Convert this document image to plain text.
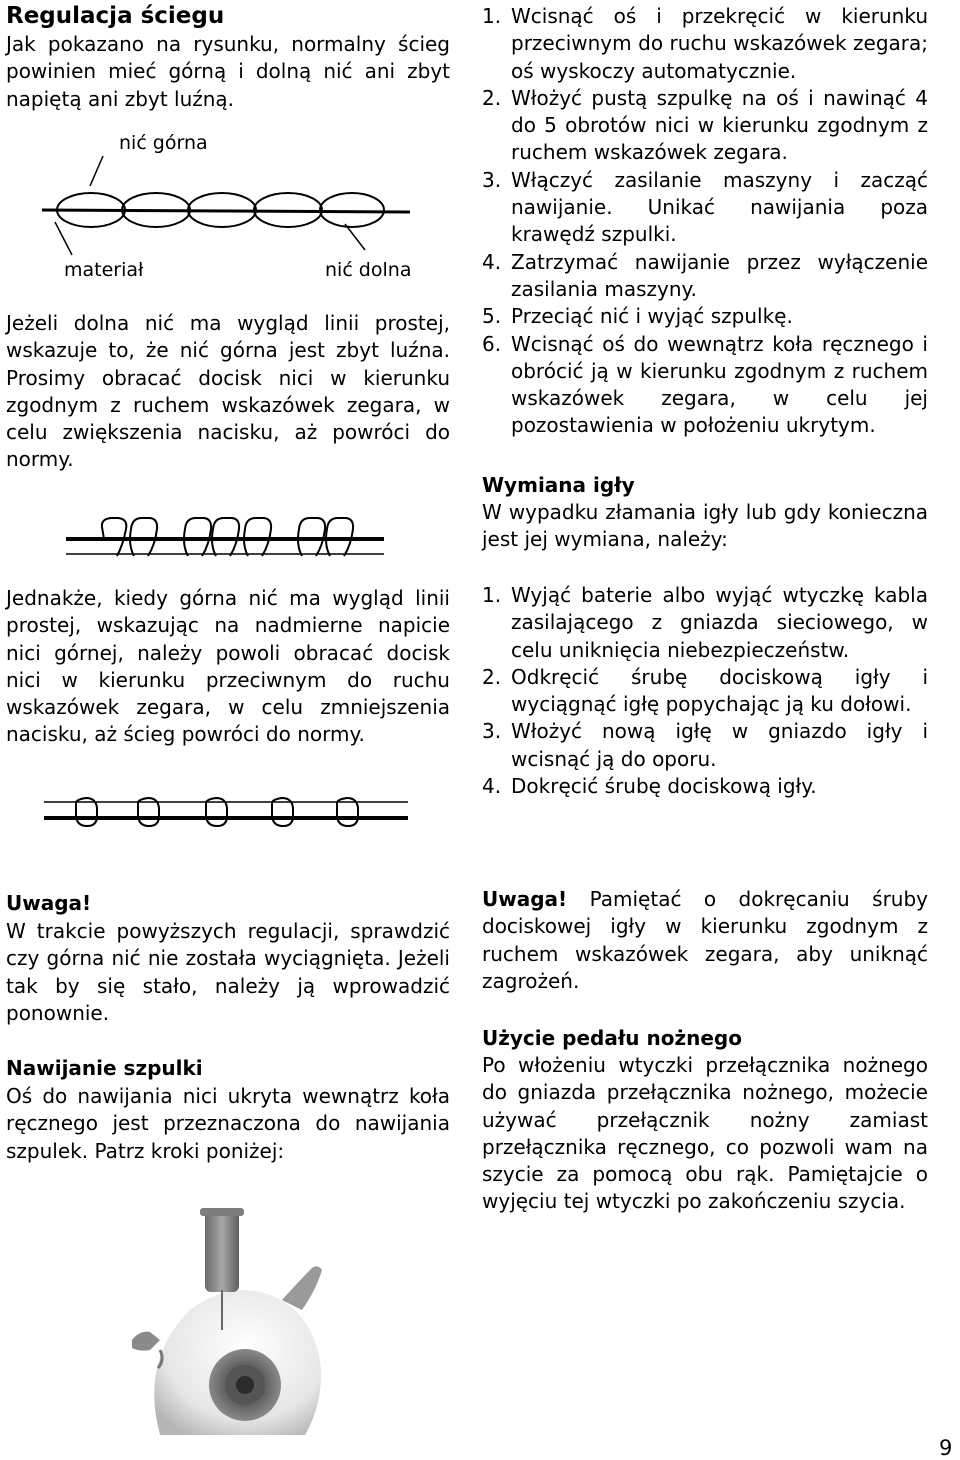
Regulacja ściegu

Jak pokazano na rysunku, normalny ścieg powinien mieć górną i dolną nić ani zbyt napiętą ani zbyt luźną.

nić górna
materiał	nić dolna

Jeżeli dolna nić ma wygląd linii prostej, wskazuje to, że nić górna jest zbyt luźna. Prosimy obracać docisk nici w kierunku zgodnym z ruchem wskazówek zegara, w celu zwiększenia nacisku, aż powróci do normy.

Jednakże, kiedy górna nić ma wygląd linii prostej, wskazując na nadmierne napicie nici górnej, należy powoli obracać docisk nici w kierunku przeciwnym do ruchu wskazówek zegara, w celu zmniejszenia nacisku, aż ścieg powróci do normy.

Uwaga!

W trakcie powyższych regulacji, sprawdzić czy górna nić nie została wyciągnięta. Jeżeli tak by się stało, należy ją wprowadzić ponownie.

Nawijanie szpulki

Oś do nawijania nici ukryta wewnątrz koła ręcznego jest przeznaczona do nawijania szpulek. Patrz kroki poniżej:

1. Wcisnąć oś i przekręcić w kierunku przeciwnym do ruchu wskazówek zegara; oś wyskoczy automatycznie.
2. Włożyć pustą szpulkę na oś i nawinąć 4 do 5 obrotów nici w kierunku zgodnym z ruchem wskazówek zegara.
3. Włączyć zasilanie maszyny i zacząć nawijanie. Unikać nawijania poza krawędź szpulki.
4. Zatrzymać nawijanie przez wyłączenie zasilania maszyny.
5. Przeciąć nić i wyjąć szpulkę.
6. Wcisnąć oś do wewnątrz koła ręcznego i obrócić ją w kierunku zgodnym z ruchem wskazówek zegara, w celu jej pozostawienia w położeniu ukrytym.
Wymiana igły

W wypadku złamania igły lub gdy konieczna jest jej wymiana, należy:

1. Wyjąć baterie albo wyjąć wtyczkę kabla zasilającego z gniazda sieciowego, w celu uniknięcia niebezpieczeństw.
2. Odkręcić śrubę dociskową igły i wyciągnąć igłę popychając ją ku dołowi.
3. Włożyć nową igłę w gniazdo igły i wcisnąć ją do oporu.
4. Dokręcić śrubę dociskową igły.

Uwaga! Pamiętać o dokręcaniu śruby dociskowej igły w kierunku zgodnym z ruchem wskazówek zegara, aby uniknąć zagrożeń.

Użycie pedału nożnego

Po włożeniu wtyczki przełącznika nożnego do gniazda przełącznika nożnego, możecie używać przełącznik nożny zamiast przełącznika ręcznego, co pozwoli wam na szycie za pomocą obu rąk. Pamiętajcie o wyjęciu tej wtyczki po zakończeniu szycia.

9
